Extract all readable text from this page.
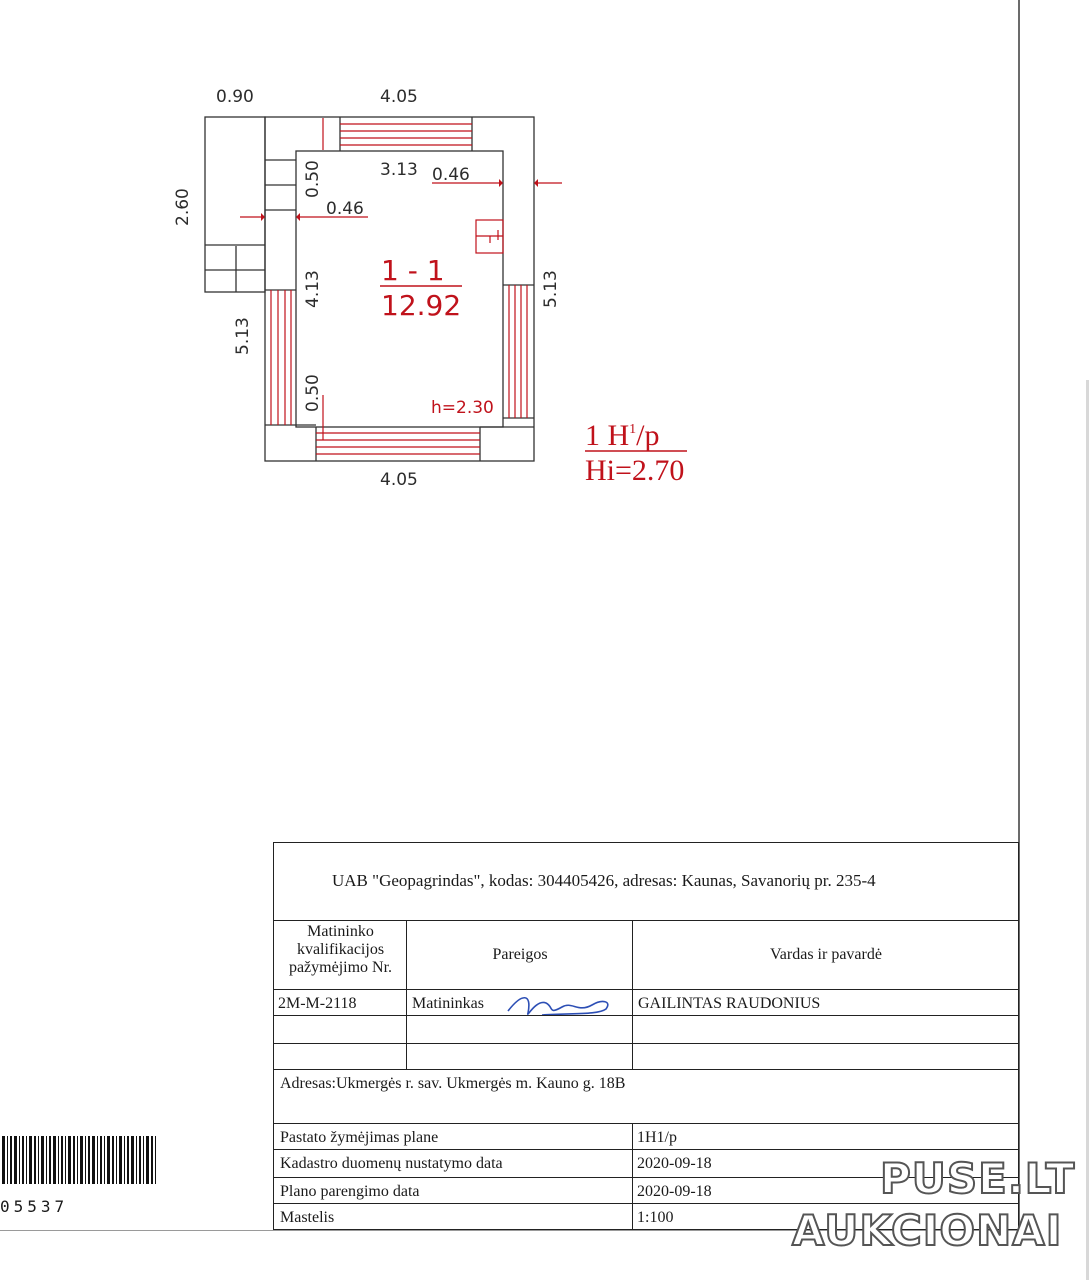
0.90	4.05
2.60
3.13 0.46
0.50
0.46
4.13
5.13
5.13
0.50
4.05
1 - 1
12.92
h=2.30
1 $H^1/p$
Hi=2.70
UAB "Geopagrindas", kodas: 304405426, adresas: Kaunas, Savanorių pr. 235-4
Matininko
kvalifikacijos
pažymėjimo Nr.
Pareigos	Vardas ir pavardė
2M-M-2118	Matininkas	GAILINTAS RAUDONIUS
Adresas:Ukmergės r. sav. Ukmergės m. Kauno g. 18B
Pastato žymėjimas plane	1H1/p
Kadastro duomenų nustatymo data	2020-09-18
Plano parengimo data	2020-09-18
Mastelis	1:100
05537
PUSE.LT
AUKCIONAI
